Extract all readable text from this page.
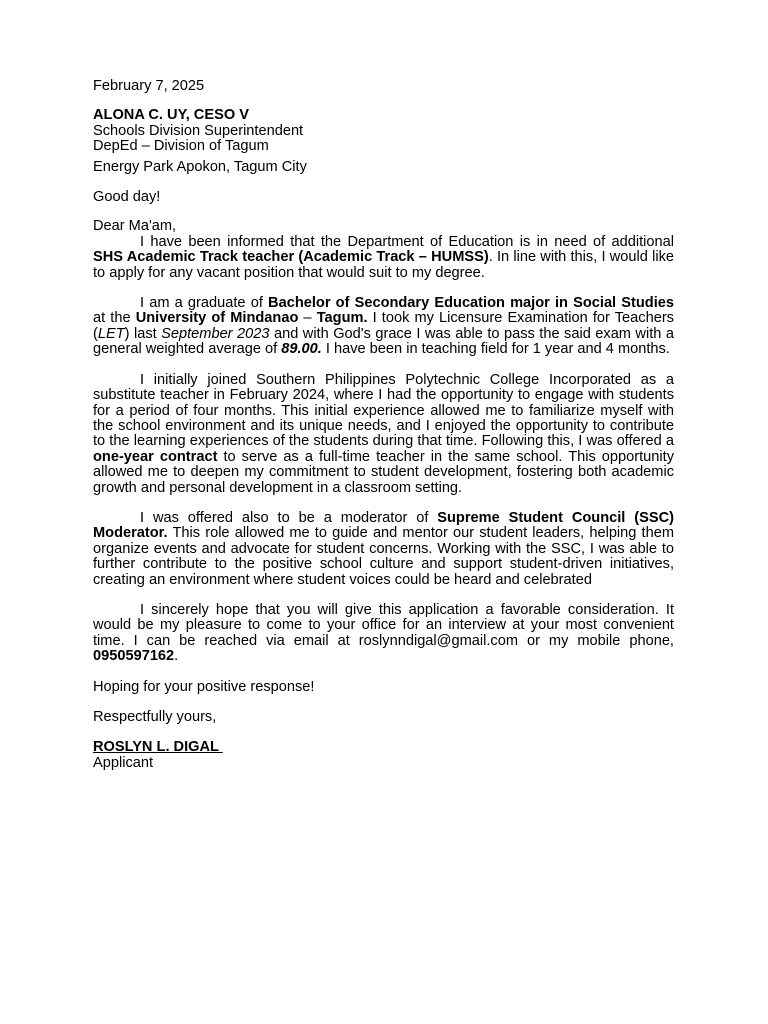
February 7, 2025

ALONA C. UY, CESO V

Schools Division Superintendent

DepEd – Division of Tagum

Energy Park Apokon, Tagum City

Good day!

Dear Ma'am,

I have been informed that the Department of Education is in need of additional SHS Academic Track teacher (Academic Track – HUMSS). In line with this, I would like to apply for any vacant position that would suit to my degree.

I am a graduate of Bachelor of Secondary Education major in Social Studies at the University of Mindanao – Tagum. I took my Licensure Examination for Teachers (LET) last September 2023 and with God's grace I was able to pass the said exam with a general weighted average of 89.00. I have been in teaching field for 1 year and 4 months.

I initially joined Southern Philippines Polytechnic College Incorporated as a substitute teacher in February 2024, where I had the opportunity to engage with students for a period of four months. This initial experience allowed me to familiarize myself with the school environment and its unique needs, and I enjoyed the opportunity to contribute to the learning experiences of the students during that time. Following this, I was offered a one-year contract to serve as a full-time teacher in the same school. This opportunity allowed me to deepen my commitment to student development, fostering both academic growth and personal development in a classroom setting.

I was offered also to be a moderator of Supreme Student Council (SSC) Moderator. This role allowed me to guide and mentor our student leaders, helping them organize events and advocate for student concerns. Working with the SSC, I was able to further contribute to the positive school culture and support student-driven initiatives, creating an environment where student voices could be heard and celebrated

I sincerely hope that you will give this application a favorable consideration. It would be my pleasure to come to your office for an interview at your most convenient time. I can be reached via email at roslynndigal@gmail.com or my mobile phone, 0950597162.

Hoping for your positive response!

Respectfully yours,

ROSLYN L. DIGAL

Applicant
